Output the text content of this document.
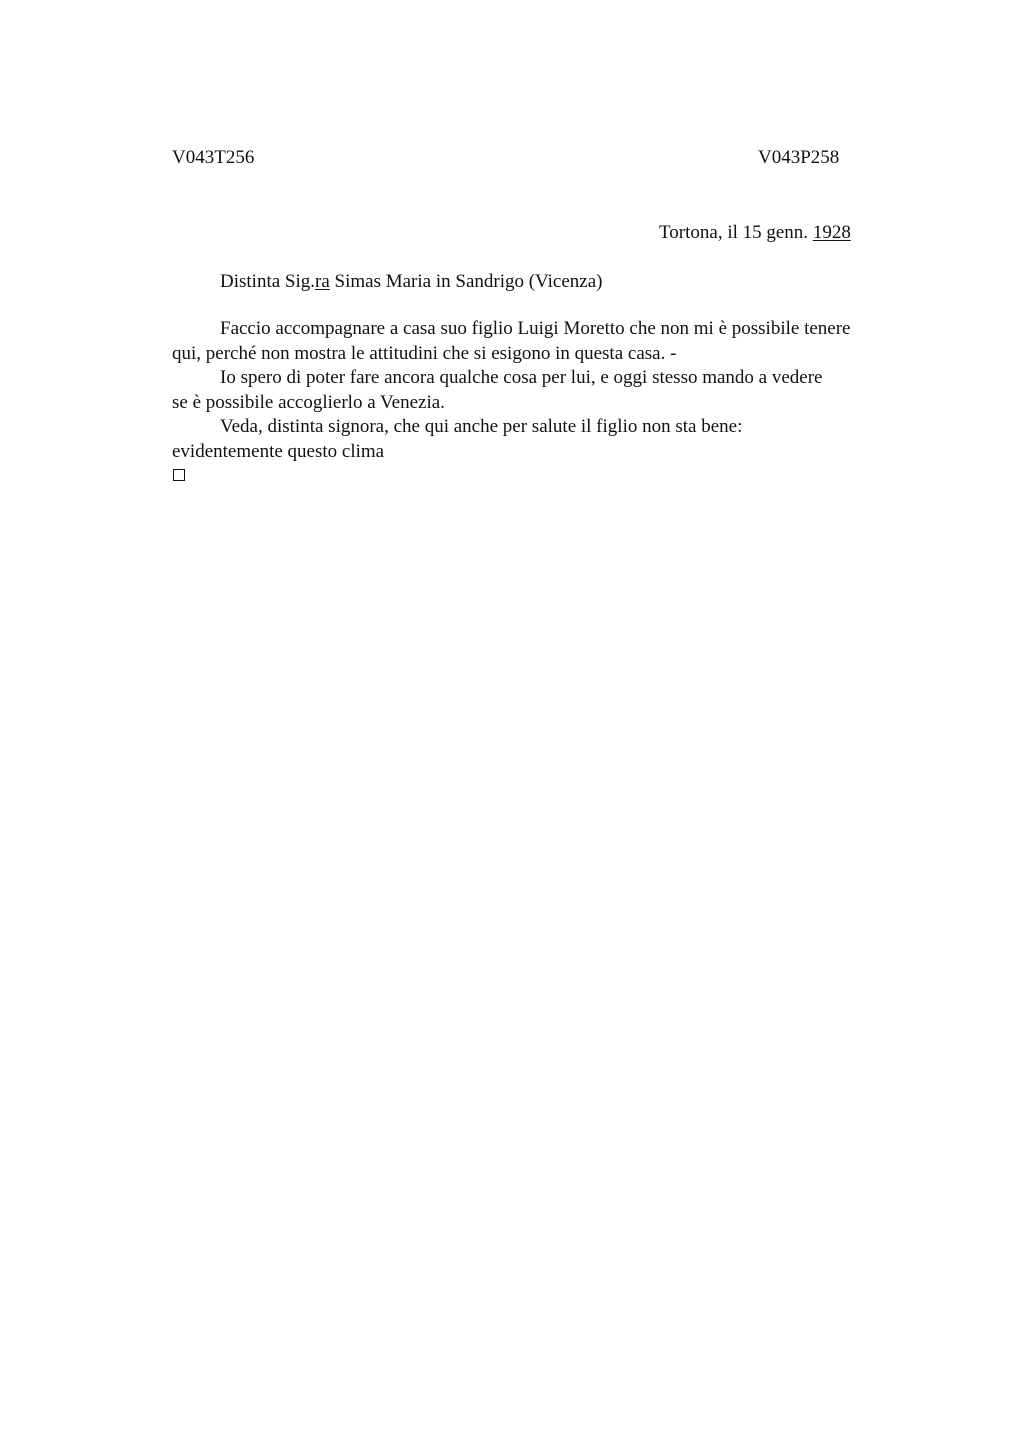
V043T256	V043P258
Tortona, il 15 genn. 1928
Distinta Sig.ra Simas Maria in Sandrigo (Vicenza)

Faccio accompagnare a casa suo figlio Luigi Moretto che non mi è possibile tenere

qui, perché non mostra le attitudini che si esigono in questa casa. -

Io spero di poter fare ancora qualche cosa per lui, e oggi stesso mando a vedere

se è possibile accoglierlo a Venezia.

Veda, distinta signora, che qui anche per salute il figlio non sta bene:

evidentemente questo clima
